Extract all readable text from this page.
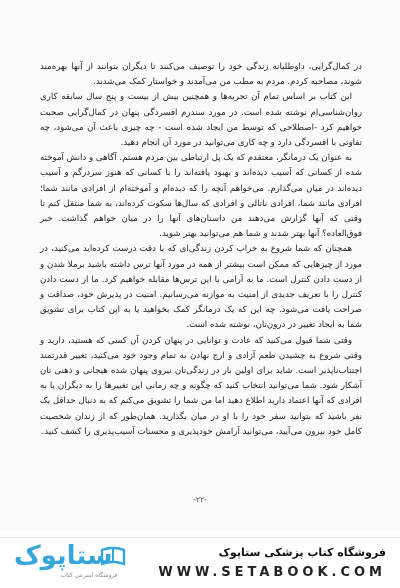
در کمال‌گرایی، داوطلبانه زندگی خود را توصیف می‌کنند تا دیگران بتوانند از آنها بهره‌مند شوند، مصاحبه کردم. مردم به مطب من می‌آمدند و خواستار کمک می‌شدند.

این کتاب بر اساس تمام آن تجربه‌ها و همچنین بیش از بیست و پنج سال سابقه کاری روان‌شناسی‌ام نوشته شده است. در مورد سندرم افسردگی پنهان در کمال‌گرایی صحبت خواهیم کرد -اصطلاحی که توسط من ایجاد شده است - چه چیزی باعث آن می‌شود، چه تفاوتی با افسردگی دارد و چه کاری می‌توانید در مورد آن انجام دهید.

به عنوان یک درمانگر، معتقدم که یک پل ارتباطی بین مردم هستم. آگاهی و دانش آموخته شده از کسانی که آسیب دیده‌اند و بهبود یافته‌اند را با کسانی که هنوز سردرگم و آسیب دیده‌اند در میان می‌گذارم. می‌خواهم آنچه را که دیده‌ام و آموخته‌ام از افرادی مانند شما؛ افرادی مانند شما، افرادی ناتالی و افرادی که سال‌ها سکوت کرده‌اند، به شما منتقل کنم تا وقتی که آنها گزارش می‌دهند من داستان‌های آنها را در میان خواهم گذاشت. خبر فوق‌العاده؟ آنها بهتر شدند و شما هم می‌توانید بهتر شوید.

همچنان که شما شروع به خراب کردن زندگی‌ای که با دقت درست کرده‌اید می‌کنید، در مورد از چیزهایی که ممکن است بیشتر از همه در مورد آنها ترس داشته باشید برملا شدن و از دست دادن کنترل است. ما به آرامی با این ترس‌ها مقابله خواهیم کرد. ما از دست دادن کنترل را با تعریف جدیدی از امنیت به موازنه می‌رسانیم. امنیت در پذیرش خود، صداقت و صراحت یافت می‌شود. چه این که یک درمانگر کمک بخواهید یا به این کتاب برای تشویق شما به ایجاد تغییر در درون‌تان، نوشته شده است.

وقتی شما قبول می‌کنید که عادت و توانایی در پنهان کردن آن کسی که هستید، دارید و وقتی شروع به چشیدن طعم آزادی و ارج نهادن به تمام وجود خود می‌کنید، تغییر قدرتمند اجتناب‌ناپذیر است. شاید برای اولین بار در زندگی‌تان نیروی پنهان شده هیجانی و ذهنی تان آشکار شود. شما می‌توانید انتخاب کنید که چگونه و چه زمانی این تغییرها را به دیگران یا به افرادی که آنها اعتماد دارید اطلاع دهید اما من شما را تشویق می‌کنم که به دنبال حداقل یک نفر باشید که بتوانید سفر خود را با او در میان بگذارید. همان‌طور که از زندان شخصیت کامل خود بیرون می‌آیید، می‌توانید آرامش خودپذیری و محسنات آسیب‌پذیری را کشف کنید.

-۲۲-
ستاپوک
فروشگاه اینترنتی کتاب
فروشگاه کتاب پزشکی ستاپوک
WWW.SETABOOK.COM
